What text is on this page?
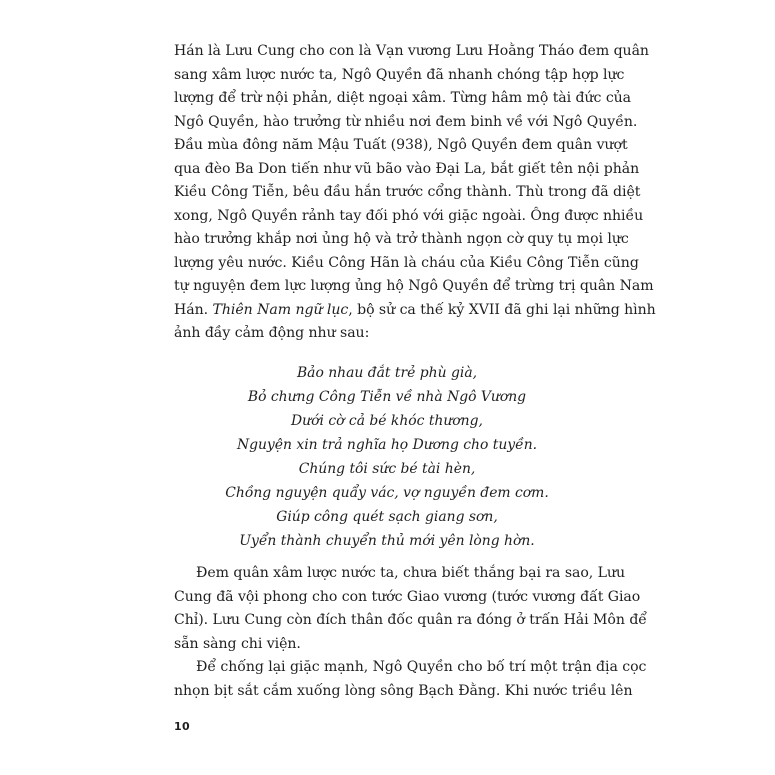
Hán là Lưu Cung cho con là Vạn vương Lưu Hoằng Tháo đem quân
sang xâm lược nước ta, Ngô Quyền đã nhanh chóng tập hợp lực
lượng để trừ nội phản, diệt ngoại xâm. Từng hâm mộ tài đức của
Ngô Quyền, hào trưởng từ nhiều nơi đem binh về với Ngô Quyền.
Đầu mùa đông năm Mậu Tuất (938), Ngô Quyền đem quân vượt
qua đèo Ba Don tiến như vũ bão vào Đại La, bắt giết tên nội phản
Kiều Công Tiễn, bêu đầu hắn trước cổng thành. Thù trong đã diệt
xong, Ngô Quyền rảnh tay đối phó với giặc ngoài. Ông được nhiều
hào trưởng khắp nơi ủng hộ và trở thành ngọn cờ quy tụ mọi lực
lượng yêu nước. Kiều Công Hãn là cháu của Kiều Công Tiễn cũng
tự nguyện đem lực lượng ủng hộ Ngô Quyền để trừng trị quân Nam
Hán. Thiên Nam ngữ lục, bộ sử ca thế kỷ XVII đã ghi lại những hình
ảnh đầy cảm động như sau:
Bảo nhau đắt trẻ phù già,
Bỏ chưng Công Tiễn về nhà Ngô Vương
Dưới cờ cả bé khóc thương,
Nguyện xin trả nghĩa họ Dương cho tuyền.
Chúng tôi sức bé tài hèn,
Chồng nguyện quẩy vác, vợ nguyền đem cơm.
Giúp công quét sạch giang sơn,
Uyển thành chuyển thủ mới yên lòng hờn.
Đem quân xâm lược nước ta, chưa biết thắng bại ra sao, Lưu
Cung đã vội phong cho con tước Giao vương (tước vương đất Giao
Chỉ). Lưu Cung còn đích thân đốc quân ra đóng ở trấn Hải Môn để
sẵn sàng chi viện.
Để chống lại giặc mạnh, Ngô Quyền cho bố trí một trận địa cọc
nhọn bịt sắt cắm xuống lòng sông Bạch Đằng. Khi nước triều lên
10
